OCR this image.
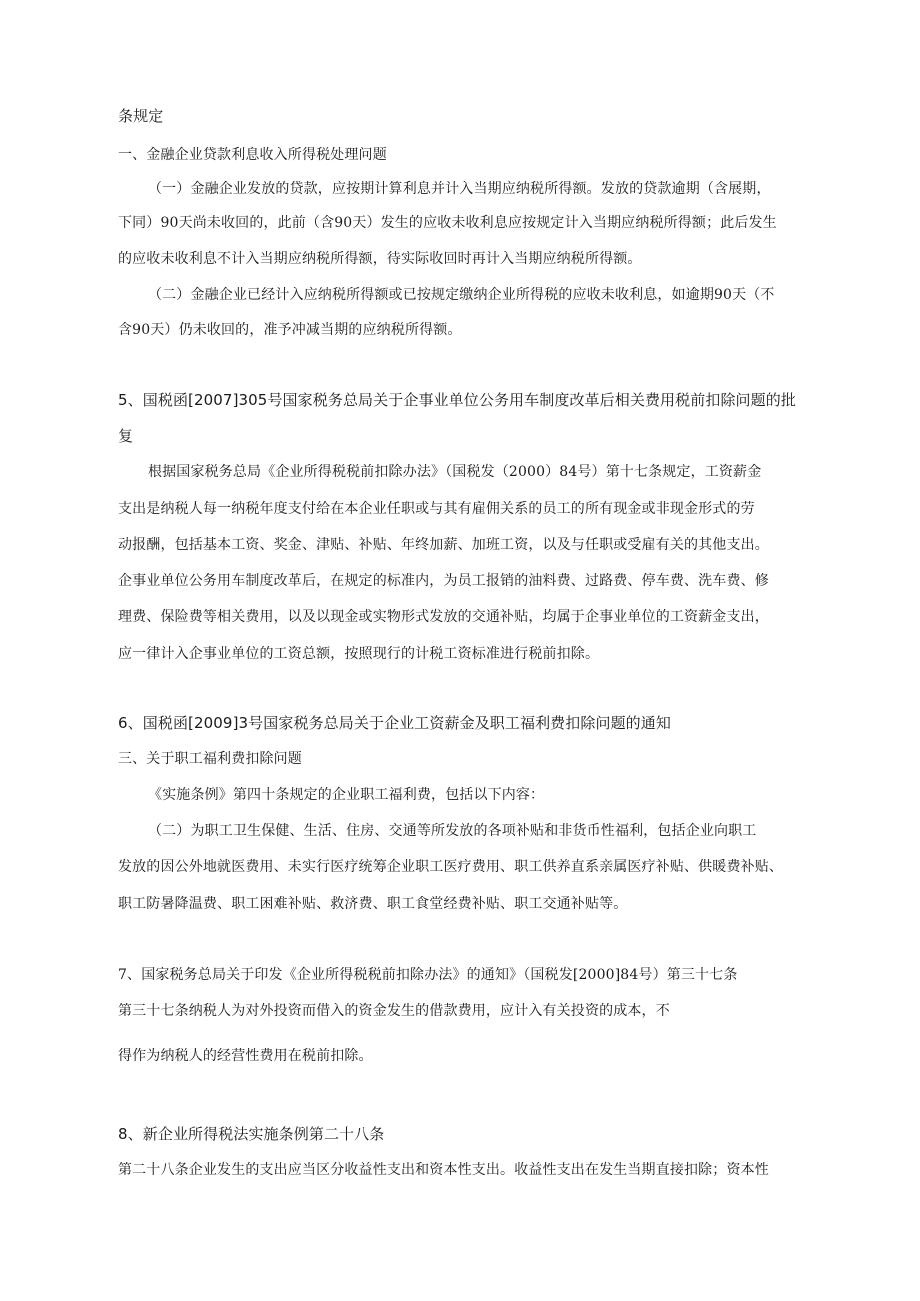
条规定
一、金融企业贷款利息收入所得税处理问题
（一）金融企业发放的贷款，应按期计算利息并计入当期应纳税所得额。发放的贷款逾期（含展期，
下同）90天尚未收回的，此前（含90天）发生的应收未收利息应按规定计入当期应纳税所得额；此后发生
的应收未收利息不计入当期应纳税所得额，待实际收回时再计入当期应纳税所得额。
（二）金融企业已经计入应纳税所得额或已按规定缴纳企业所得税的应收未收利息，如逾期90天（不
含90天）仍未收回的，准予冲减当期的应纳税所得额。
5、国税函[2007]305号国家税务总局关于企事业单位公务用车制度改革后相关费用税前扣除问题的批
复
根据国家税务总局《企业所得税税前扣除办法》（国税发（2000）84号）第十七条规定，工资薪金
支出是纳税人每一纳税年度支付给在本企业任职或与其有雇佣关系的员工的所有现金或非现金形式的劳
动报酬，包括基本工资、奖金、津贴、补贴、年终加薪、加班工资，以及与任职或受雇有关的其他支出。
企事业单位公务用车制度改革后，在规定的标准内，为员工报销的油料费、过路费、停车费、洗车费、修
理费、保险费等相关费用，以及以现金或实物形式发放的交通补贴，均属于企事业单位的工资薪金支出，
应一律计入企事业单位的工资总额，按照现行的计税工资标准进行税前扣除。
6、国税函[2009]3号国家税务总局关于企业工资薪金及职工福利费扣除问题的通知
三、关于职工福利费扣除问题
《实施条例》第四十条规定的企业职工福利费，包括以下内容：
（二）为职工卫生保健、生活、住房、交通等所发放的各项补贴和非货币性福利，包括企业向职工
发放的因公外地就医费用、未实行医疗统筹企业职工医疗费用、职工供养直系亲属医疗补贴、供暖费补贴、
职工防暑降温费、职工困难补贴、救济费、职工食堂经费补贴、职工交通补贴等。
7、国家税务总局关于印发《企业所得税税前扣除办法》的通知》（国税发[2000]84号）第三十七条
第三十七条纳税人为对外投资而借入的资金发生的借款费用，应计入有关投资的成本，不
得作为纳税人的经营性费用在税前扣除。
8、新企业所得税法实施条例第二十八条
第二十八条企业发生的支出应当区分收益性支出和资本性支出。收益性支出在发生当期直接扣除；资本性
